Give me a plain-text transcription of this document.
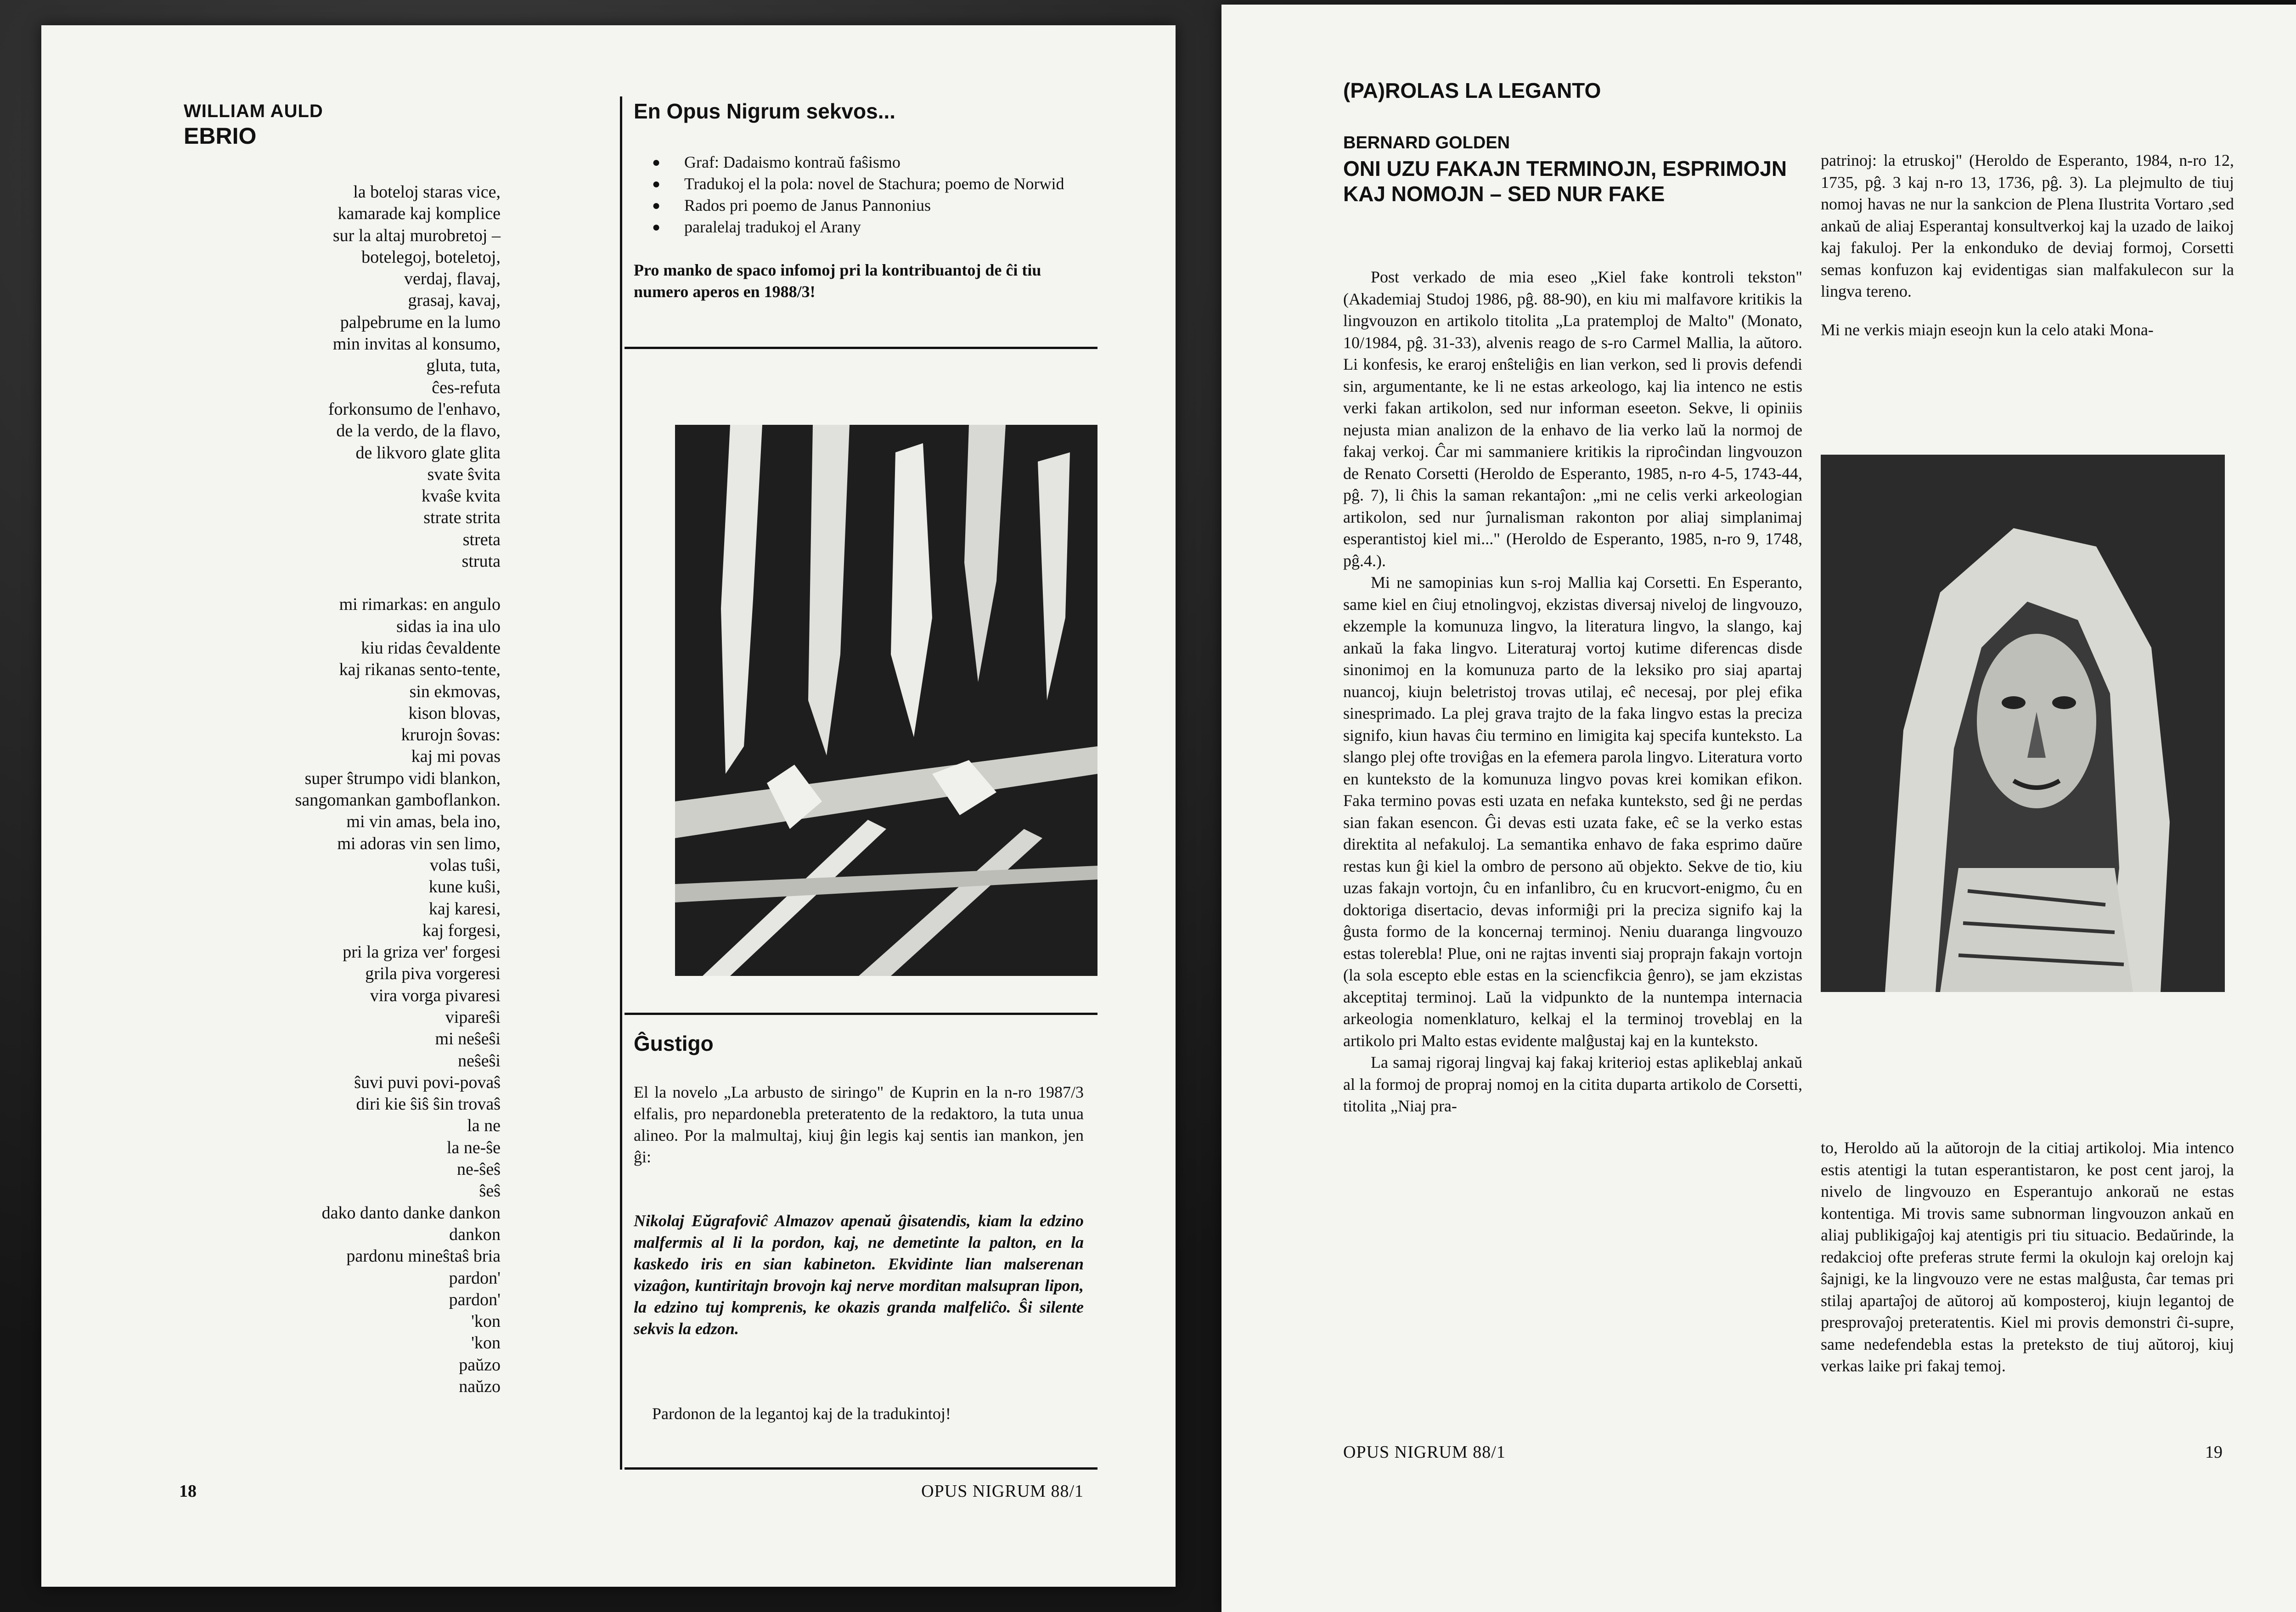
WILLIAM AULD
EBRIO
la boteloj staras vice,
kamarade kaj komplice
sur la altaj murobretoj –
botelegoj, boteletoj,
verdaj, flavaj,
grasaj, kavaj,
palpebrume en la lumo
min invitas al konsumo,
gluta, tuta,
ĉes-refuta
forkonsumo de l'enhavo,
de la verdo, de la flavo,
de likvoro glate glita
svate ŝvita
kvaŝe kvita
strate strita
streta
struta
mi rimarkas: en angulo
sidas ia ina ulo
kiu ridas ĉevaldente
kaj rikanas sento-tente,
sin ekmovas,
kison blovas,
krurojn ŝovas:
kaj mi povas
super ŝtrumpo vidi blankon,
sangomankan gamboflankon.
mi vin amas, bela ino,
mi adoras vin sen limo,
volas tuŝi,
kune kuŝi,
kaj karesi,
kaj forgesi,
pri la griza ver' forgesi
grila piva vorgeresi
vira vorga pivaresi
vipareŝi
mi neŝeŝi
neŝeŝi
ŝuvi puvi povi-povaŝ
diri kie ŝiŝ ŝin trovaŝ
la ne
la ne-ŝe
ne-ŝeŝ
ŝeŝ
dako danto danke dankon
dankon
pardonu mineŝtaŝ bria
pardon'
pardon'
'kon
'kon
paŭzo
naŭzo
En Opus Nigrum sekvos...
● Graf: Dadaismo kontraŭ faŝismo
● Tradukoj el la pola: novel de Stachura; poemo de Norwid
● Rados pri poemo de Janus Pannonius
● paralelaj tradukoj el Arany
Pro manko de spaco infomoj pri la kontribuantoj de ĉi tiu numero aperos en 1988/3!
Ĝustigo
El la novelo „La arbusto de siringo" de Kuprin en la n-ro 1987/3 elfalis, pro nepardonebla preteratento de la redaktoro, la tuta unua alineo. Por la malmultaj, kiuj ĝin legis kaj sentis ian mankon, jen ĝi:
Nikolaj Eŭgrafoviĉ Almazov apenaŭ ĝisatendis, kiam la edzino malfermis al li la pordon, kaj, ne demetinte la palton, en la kaskedo iris en sian kabineton. Ekvidinte lian malserenan vizaĝon, kuntiritajn brovojn kaj nerve morditan malsupran lipon, la edzino tuj komprenis, ke okazis granda malfeliĉo. Ŝi silente sekvis la edzon.
Pardonon de la legantoj kaj de la tradukintoj!
18	OPUS NIGRUM 88/1
(PA)ROLAS LA LEGANTO
BERNARD GOLDEN
ONI UZU FAKAJN TERMINOJN, ESPRIMOJN KAJ NOMOJN – SED NUR FAKE

Post verkado de mia eseo „Kiel fake kontroli tekston" (Akademiaj Studoj 1986, pĝ. 88-90), en kiu mi malfavore kritikis la lingvouzon en artikolo titolita „La pratemploj de Malto" (Monato, 10/1984, pĝ. 31-33), alvenis reago de s-ro Carmel Mallia, la aŭtoro. Li konfesis, ke eraroj enŝteliĝis en lian verkon, sed li provis defendi sin, argumentante, ke li ne estas arkeologo, kaj lia intenco ne estis verki fakan artikolon, sed nur informan eseeton. Sekve, li opiniis nejusta mian analizon de la enhavo de lia verko laŭ la normoj de fakaj verkoj. Ĉar mi sammaniere kritikis la riproĉindan lingvouzon de Renato Corsetti (Heroldo de Esperanto, 1985, n-ro 4-5, 1743-44, pĝ. 7), li ĉhis la saman rekantaĵon: „mi ne celis verki arkeologian artikolon, sed nur ĵurnalisman rakonton por aliaj simplanimaj esperantistoj kiel mi..." (Heroldo de Esperanto, 1985, n-ro 9, 1748, pĝ.4.).

Mi ne samopinias kun s-roj Mallia kaj Corsetti. En Esperanto, same kiel en ĉiuj etnolingvoj, ekzistas diversaj niveloj de lingvouzo, ekzemple la komunuza lingvo, la literatura lingvo, la slango, kaj ankaŭ la faka lingvo. Literaturaj vortoj kutime diferencas disde sinonimoj en la komunuza parto de la leksiko pro siaj apartaj nuancoj, kiujn beletristoj trovas utilaj, eĉ necesaj, por plej efika sinesprimado. La plej grava trajto de la faka lingvo estas la preciza signifo, kiun havas ĉiu termino en limigita kaj specifa kunteksto. La slango plej ofte troviĝas en la efemera parola lingvo. Literatura vorto en kunteksto de la komunuza lingvo povas krei komikan efikon. Faka termino povas esti uzata en nefaka kunteksto, sed ĝi ne perdas sian fakan esencon. Ĝi devas esti uzata fake, eĉ se la verko estas direktita al nefakuloj. La semantika enhavo de faka esprimo daŭre restas kun ĝi kiel la ombro de persono aŭ objekto. Sekve de tio, kiu uzas fakajn vortojn, ĉu en infanlibro, ĉu en krucvort-enigmo, ĉu en doktoriga disertacio, devas informiĝi pri la preciza signifo kaj la ĝusta formo de la koncernaj terminoj. Neniu duaranga lingvouzo estas tolerebla! Plue, oni ne rajtas inventi siaj proprajn fakajn vortojn (la sola escepto eble estas en la sciencfikcia ĝenro), se jam ekzistas akceptitaj terminoj. Laŭ la vidpunkto de la nuntempa internacia arkeologia nomenklaturo, kelkaj el la terminoj troveblaj en la artikolo pri Malto estas evidente malĝustaj kaj en la kunteksto.

La samaj rigoraj lingvaj kaj fakaj kriterioj estas aplikeblaj ankaŭ al la formoj de propraj nomoj en la citita duparta artikolo de Corsetti, titolita „Niaj pra-

patrinoj: la etruskoj" (Heroldo de Esperanto, 1984, n-ro 12, 1735, pĝ. 3 kaj n-ro 13, 1736, pĝ. 3). La plejmulto de tiuj nomoj havas ne nur la sankcion de Plena Ilustrita Vortaro ,sed ankaŭ de aliaj Esperantaj konsultverkoj kaj la uzado de laikoj kaj fakuloj. Per la enkonduko de deviaj formoj, Corsetti semas konfuzon kaj evidentigas sian malfakulecon sur la lingva tereno.

Mi ne verkis miajn eseojn kun la celo ataki Mona-

to, Heroldo aŭ la aŭtorojn de la citiaj artikoloj. Mia intenco estis atentigi la tutan esperantistaron, ke post cent jaroj, la nivelo de lingvouzo en Esperantujo ankoraŭ ne estas kontentiga. Mi trovis same subnorman lingvouzon ankaŭ en aliaj publikigaĵoj kaj atentigis pri tiu situacio. Bedaŭrinde, la redakcioj ofte preferas strute fermi la okulojn kaj orelojn kaj ŝajnigi, ke la lingvouzo vere ne estas malĝusta, ĉar temas pri stilaj apartaĵoj de aŭtoroj aŭ komposteroj, kiujn legantoj de presprovaĵoj preteratentis. Kiel mi provis demonstri ĉi-supre, same nedefendebla estas la preteksto de tiuj aŭtoroj, kiuj verkas laike pri fakaj temoj.

OPUS NIGRUM 88/1	19
